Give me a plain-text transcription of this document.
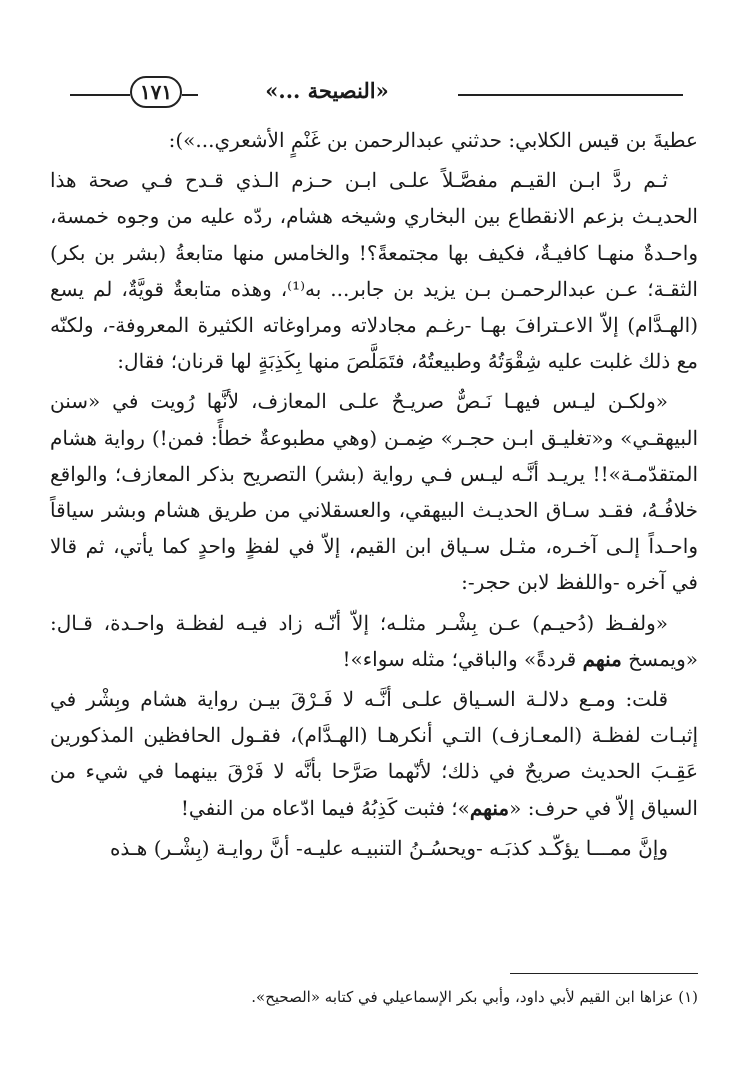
١٧١	«النصيحة ...»

عطيةَ بن قيس الكلابي: حدثني عبدالرحمن بن غَنْمٍ الأشعري...»):

ثـم ردَّ ابـن القيـم مفصَّـلاً علـى ابـن حـزم الـذي قـدح فـي صحة هذا الحديـث بزعم الانقطاع بين البخاري وشيخه هشام، ردّه عليه من وجوه خمسة، واحـدةٌ منهـا كافيـةٌ، فكيف بها مجتمعةً؟! والخامس منها متابعةُ (بشر بن بكر) الثقـة؛ عـن عبدالرحمـن بـن يزيد بن جابر... به⁽¹⁾، وهذه متابعةٌ قويَّةٌ، لم يسع (الهـدَّام) إلاّ الاعـترافَ بهـا -رغـم مجادلاته ومراوغاته الكثيرة المعروفة-، ولكنّه مع ذلك غلبت عليه شِقْوَتُهُ وطبيعتُهُ، فتَمَلَّصَ منها بِكَذِبَةٍ لها قرنان؛ فقال:

«ولكـن ليـس فيهـا نَـصٌّ صريـحٌ علـى المعازف، لأنَّها رُويت في «سنن البيهقـي» و«تغليـق ابـن حجـر» ضِمـن (وهي مطبوعةٌ خطأً: فمن!) رواية هشام المتقدّمـة»!! يريـد أنَّـه ليـس فـي رواية (بشر) التصريح بذكر المعازف؛ والواقع خلافُـهُ، فقـد سـاق الحديـث البيهقي، والعسقلاني من طريق هشام وبشر سياقاً واحـداً إلـى آخـره، مثـل سـياق ابن القيم، إلاّ في لفظٍ واحدٍ كما يأتي، ثم قالا في آخره -واللفظ لابن حجر-:

«ولفـظ (دُحيـم) عـن بِشْـر مثلـه؛ إلاّ أنّـه زاد فيـه لفظـة واحـدة، قـال: «ويمسخ منهم قردةً» والباقي؛ مثله سواء»!

قلت: ومـع دلالـة السـياق علـى أنَّـه لا فَـرْقَ بيـن رواية هشام وبِشْر في إثبـات لفظـة (المعـازف) التـي أنكرهـا (الهـدَّام)، فقـول الحافظين المذكورين عَقِـبَ الحديث صريحٌ في ذلك؛ لأنّهما صَرَّحا بأنَّه لا فَرْقَ بينهما في شيء من السياق إلاّ في حرف: «منهم»؛ فثبت كَذِبُهُ فيما ادّعاه من النفي!

وإنَّ ممـــا يؤكّـد كذبَـه -ويحسُـنُ التنبيـه عليـه- أنَّ روايـة (بِشْـر) هـذه

(١) عزاها ابن القيم لأبي داود، وأبي بكر الإسماعيلي في كتابه «الصحيح».
